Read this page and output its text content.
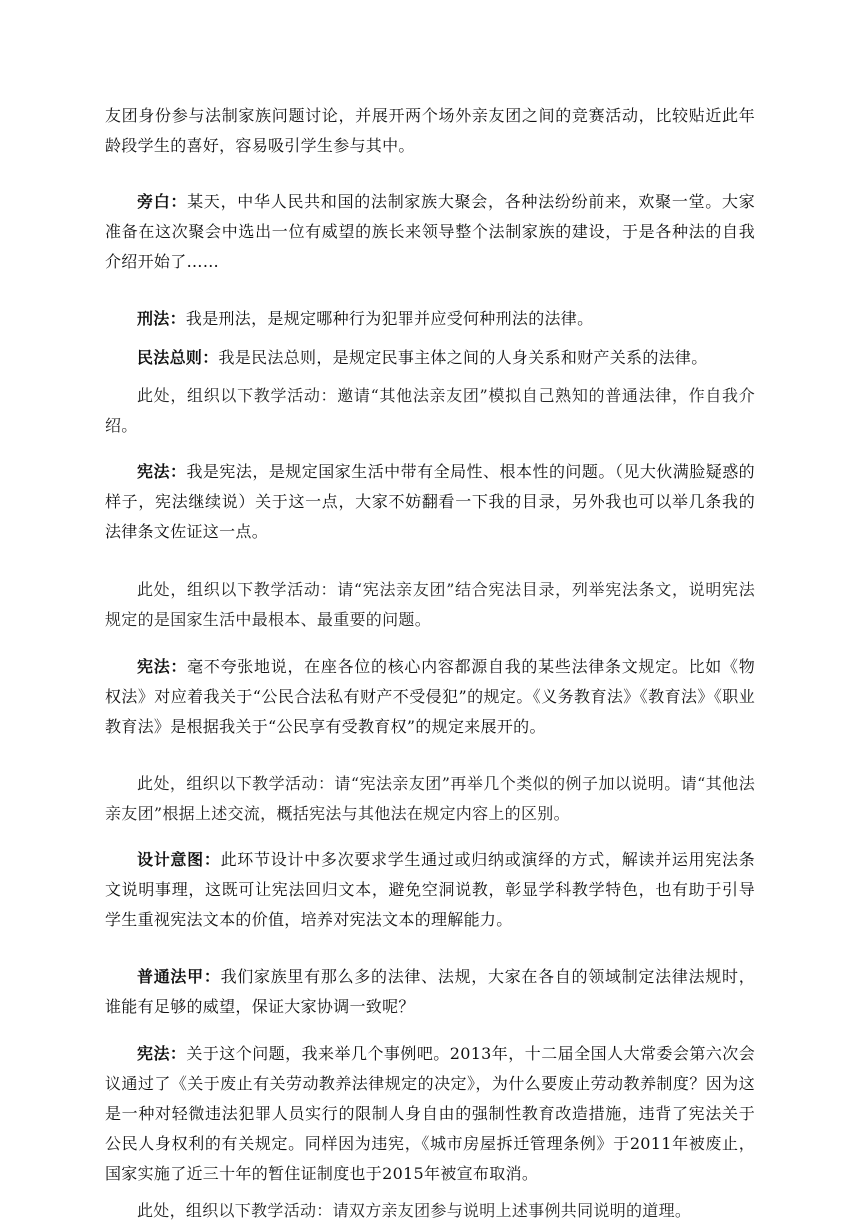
友团身份参与法制家族问题讨论，并展开两个场外亲友团之间的竞赛活动，比较贴近此年龄段学生的喜好，容易吸引学生参与其中。

旁白：某天，中华人民共和国的法制家族大聚会，各种法纷纷前来，欢聚一堂。大家准备在这次聚会中选出一位有威望的族长来领导整个法制家族的建设，于是各种法的自我介绍开始了……

刑法：我是刑法，是规定哪种行为犯罪并应受何种刑法的法律。

民法总则：我是民法总则，是规定民事主体之间的人身关系和财产关系的法律。

此处，组织以下教学活动：邀请“其他法亲友团”模拟自己熟知的普通法律，作自我介绍。

宪法：我是宪法，是规定国家生活中带有全局性、根本性的问题。（见大伙满脸疑惑的样子，宪法继续说）关于这一点，大家不妨翻看一下我的目录，另外我也可以举几条我的法律条文佐证这一点。

此处，组织以下教学活动：请“宪法亲友团”结合宪法目录，列举宪法条文，说明宪法规定的是国家生活中最根本、最重要的问题。

宪法：毫不夸张地说，在座各位的核心内容都源自我的某些法律条文规定。比如《物权法》对应着我关于“公民合法私有财产不受侵犯”的规定。《义务教育法》《教育法》《职业教育法》是根据我关于“公民享有受教育权”的规定来展开的。

此处，组织以下教学活动：请“宪法亲友团”再举几个类似的例子加以说明。请“其他法亲友团”根据上述交流，概括宪法与其他法在规定内容上的区别。

设计意图：此环节设计中多次要求学生通过或归纳或演绎的方式，解读并运用宪法条文说明事理，这既可让宪法回归文本，避免空洞说教，彰显学科教学特色，也有助于引导学生重视宪法文本的价值，培养对宪法文本的理解能力。

普通法甲：我们家族里有那么多的法律、法规，大家在各自的领域制定法律法规时，谁能有足够的威望，保证大家协调一致呢？

宪法：关于这个问题，我来举几个事例吧。2013年，十二届全国人大常委会第六次会议通过了《关于废止有关劳动教养法律规定的决定》，为什么要废止劳动教养制度？因为这是一种对轻微违法犯罪人员实行的限制人身自由的强制性教育改造措施，违背了宪法关于公民人身权利的有关规定。同样因为违宪，《城市房屋拆迁管理条例》于2011年被废止，国家实施了近三十年的暂住证制度也于2015年被宣布取消。

此处，组织以下教学活动：请双方亲友团参与说明上述事例共同说明的道理。
